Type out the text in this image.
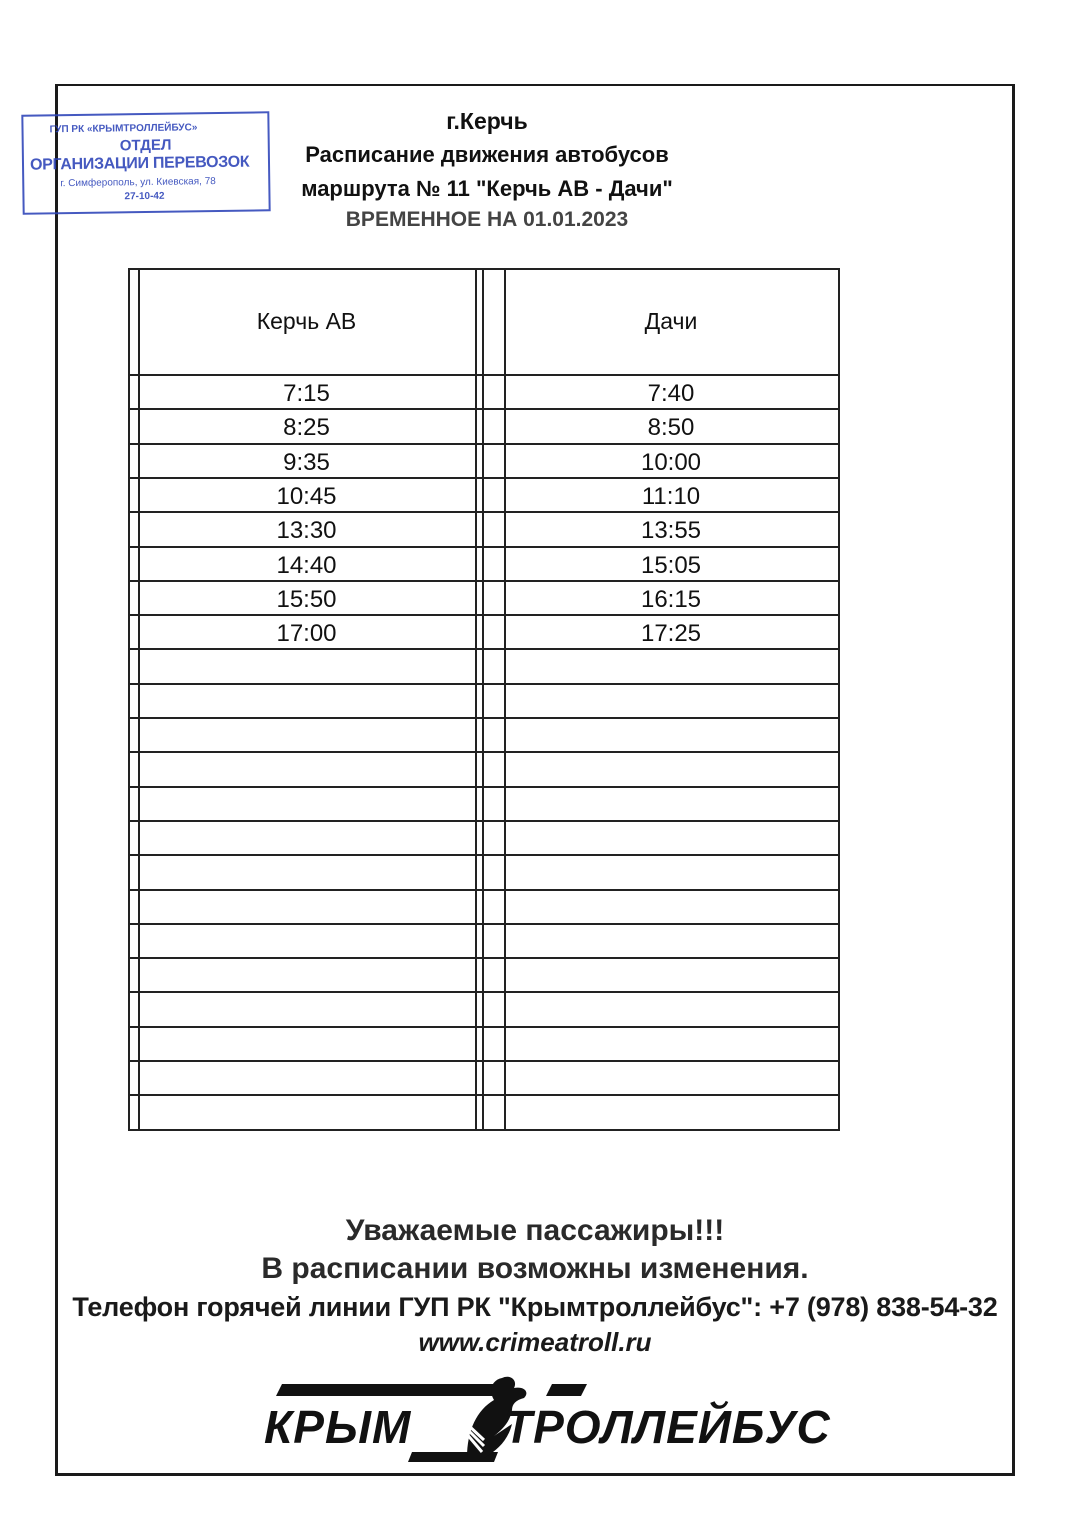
ГУП РК «КРЫМТРОЛЛЕЙБУС»
ОТДЕЛ
ОРГАНИЗАЦИИ ПЕРЕВОЗОК
г. Симферополь, ул. Киевская, 78
27-10-42
г.Керчь
Расписание движения автобусов
маршрута № 11 "Керчь АВ - Дачи"
ВРЕМЕННОЕ НА 01.01.2023
Керчь АВ	Дачи
7:15	7:40
8:25	8:50
9:35	10:00
10:45	11:10
13:30	13:55
14:40	15:05
15:50	16:15
17:00	17:25
Уважаемые пассажиры!!!
В расписании возможны изменения.
Телефон горячей линии ГУП РК "Крымтроллейбус": +7 (978) 838-54-32
www.crimeatroll.ru
КРЫМ ТРОЛЛЕЙБУС
